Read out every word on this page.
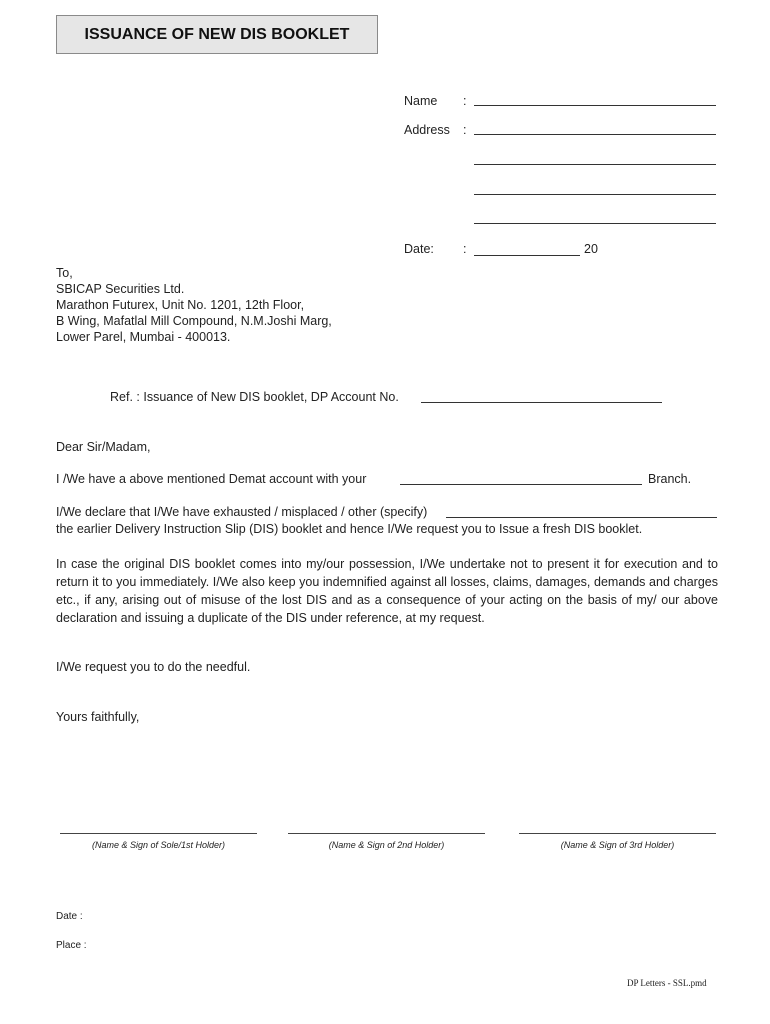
ISSUANCE OF NEW DIS BOOKLET
Name :
Address :
Date: :	20
To,
SBICAP Securities Ltd.
Marathon Futurex, Unit No. 1201, 12th Floor,
B Wing, Mafatlal Mill Compound, N.M.Joshi Marg,
Lower Parel, Mumbai - 400013.
Ref. : Issuance of New DIS booklet, DP Account No.
Dear Sir/Madam,
I /We have a above mentioned Demat account with your	Branch.
I/We declare that I/We have exhausted / misplaced / other (specify)
the earlier Delivery Instruction Slip (DIS) booklet and hence I/We request you to Issue a fresh DIS booklet.
In case the original DIS booklet comes into my/our possession, I/We undertake not to present it for execution and to return it to you immediately. I/We also keep you indemnified against all losses, claims, damages, demands and charges etc., if any, arising out of misuse of the lost DIS and as a consequence of your acting on the basis of my/ our above declaration and issuing a duplicate of the DIS under reference, at my request.
I/We request you to do the needful.
Yours faithfully,
(Name & Sign of Sole/1st Holder)	(Name & Sign of 2nd Holder)	(Name & Sign of 3rd Holder)
Date :
Place :
DP Letters - SSL.pmd
